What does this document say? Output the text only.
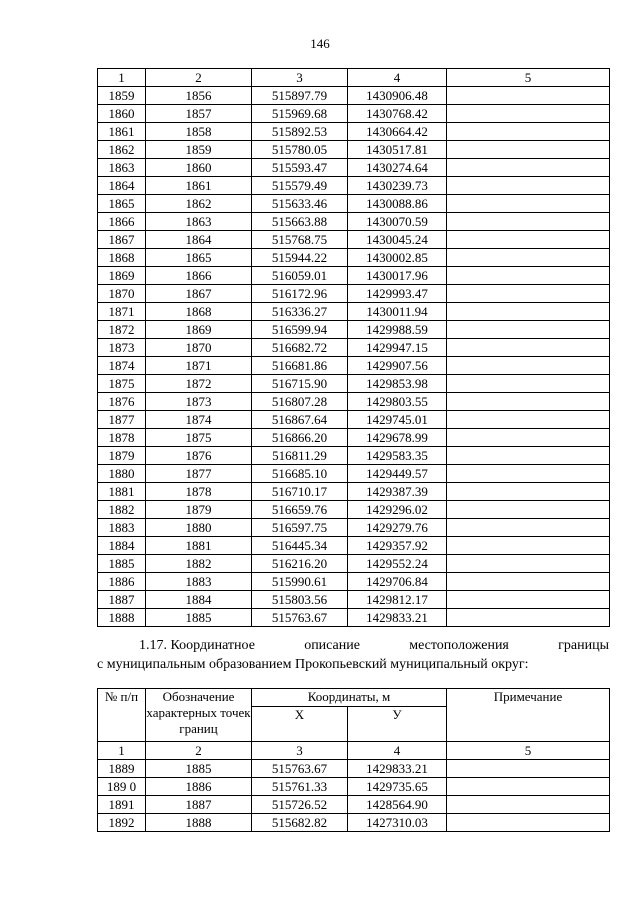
146
1	2	3	4	5
1859	1856	515897.79	1430906.48	
1860	1857	515969.68	1430768.42	
1861	1858	515892.53	1430664.42	
1862	1859	515780.05	1430517.81	
1863	1860	515593.47	1430274.64	
1864	1861	515579.49	1430239.73	
1865	1862	515633.46	1430088.86	
1866	1863	515663.88	1430070.59	
1867	1864	515768.75	1430045.24	
1868	1865	515944.22	1430002.85	
1869	1866	516059.01	1430017.96	
1870	1867	516172.96	1429993.47	
1871	1868	516336.27	1430011.94	
1872	1869	516599.94	1429988.59	
1873	1870	516682.72	1429947.15	
1874	1871	516681.86	1429907.56	
1875	1872	516715.90	1429853.98	
1876	1873	516807.28	1429803.55	
1877	1874	516867.64	1429745.01	
1878	1875	516866.20	1429678.99	
1879	1876	516811.29	1429583.35	
1880	1877	516685.10	1429449.57	
1881	1878	516710.17	1429387.39	
1882	1879	516659.76	1429296.02	
1883	1880	516597.75	1429279.76	
1884	1881	516445.34	1429357.92	
1885	1882	516216.20	1429552.24	
1886	1883	515990.61	1429706.84	
1887	1884	515803.56	1429812.17	
1888	1885	515763.67	1429833.21	
1.17. Координатное	описание	местоположения	границы
с муниципальным образованием Прокопьевский муниципальный округ:
№ п/п	Обозначение характерных точек границ	Координаты, м		Примечание
		Х	У	
1	2	3	4	5
1889	1885	515763.67	1429833.21	
189 0	1886	515761.33	1429735.65	
1891	1887	515726.52	1428564.90	
1892	1888	515682.82	1427310.03	
